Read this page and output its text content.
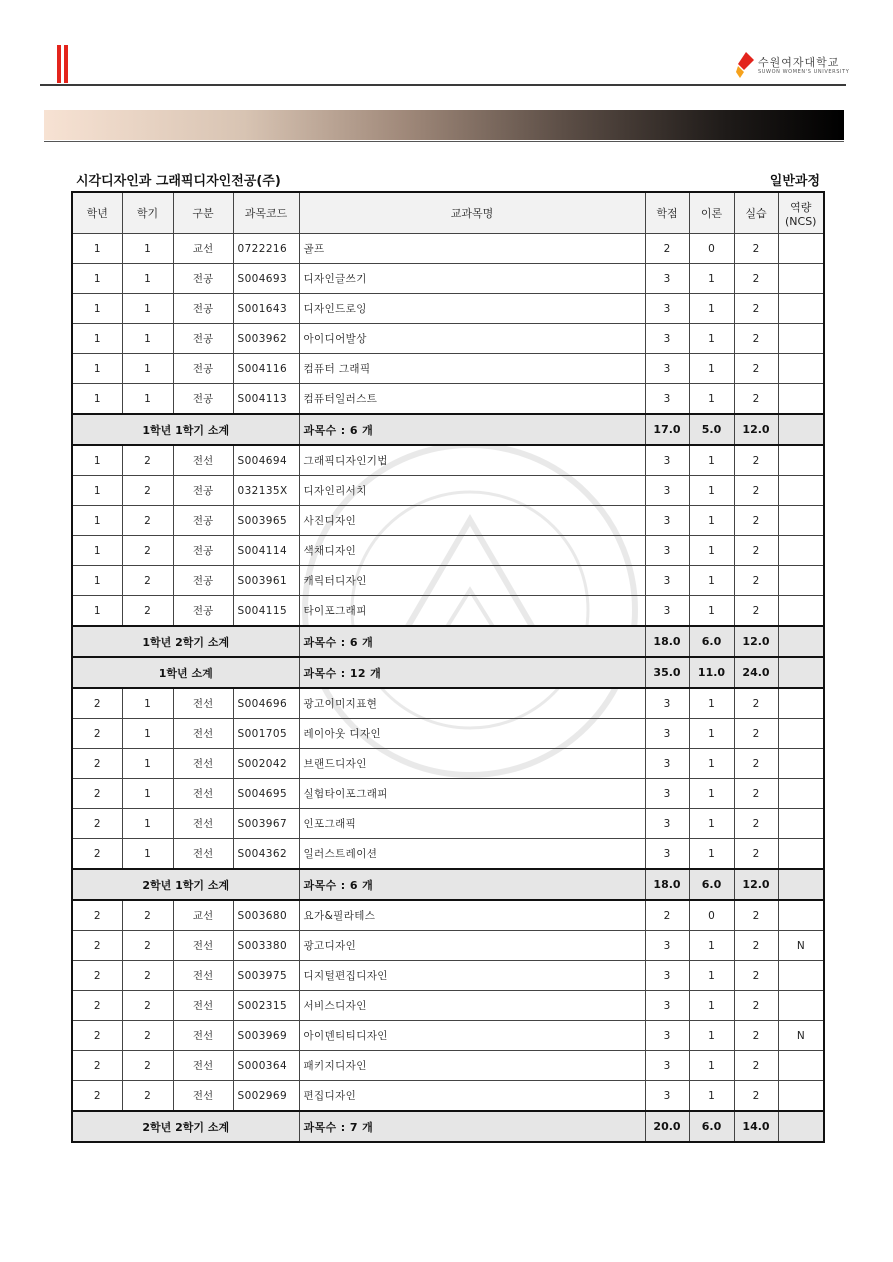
수원여자대학교
SUWON WOMEN'S UNIVERSITY
시각디자인과 그래픽디자인전공(주)	일반과정
학년	학기	구분	과목코드	교과목명	학점	이론	실습	역량
(NCS)
1	1	교선	0722216	골프	2	0	2	
1	1	전공	S004693	디자인글쓰기	3	1	2	
1	1	전공	S001643	디자인드로잉	3	1	2	
1	1	전공	S003962	아이디어발상	3	1	2	
1	1	전공	S004116	컴퓨터 그래픽	3	1	2	
1	1	전공	S004113	컴퓨터일러스트	3	1	2	
1학년 1학기 소계				과목수 : 6 개	17.0	5.0	12.0	
1	2	전선	S004694	그래픽디자인기법	3	1	2	
1	2	전공	032135X	디자인리서치	3	1	2	
1	2	전공	S003965	사진디자인	3	1	2	
1	2	전공	S004114	색채디자인	3	1	2	
1	2	전공	S003961	캐릭터디자인	3	1	2	
1	2	전공	S004115	타이포그래피	3	1	2	
1학년 2학기 소계				과목수 : 6 개	18.0	6.0	12.0	
1학년 소계				과목수 : 12 개	35.0	11.0	24.0	
2	1	전선	S004696	광고이미지표현	3	1	2	
2	1	전선	S001705	레이아웃 디자인	3	1	2	
2	1	전선	S002042	브랜드디자인	3	1	2	
2	1	전선	S004695	실험타이포그래피	3	1	2	
2	1	전선	S003967	인포그래픽	3	1	2	
2	1	전선	S004362	일러스트레이션	3	1	2	
2학년 1학기 소계				과목수 : 6 개	18.0	6.0	12.0	
2	2	교선	S003680	요가&필라테스	2	0	2	
2	2	전선	S003380	광고디자인	3	1	2	N
2	2	전선	S003975	디지털편집디자인	3	1	2	
2	2	전선	S002315	서비스디자인	3	1	2	
2	2	전선	S003969	아이덴티티디자인	3	1	2	N
2	2	전선	S000364	패키지디자인	3	1	2	
2	2	전선	S002969	편집디자인	3	1	2	
2학년 2학기 소계				과목수 : 7 개	20.0	6.0	14.0	
